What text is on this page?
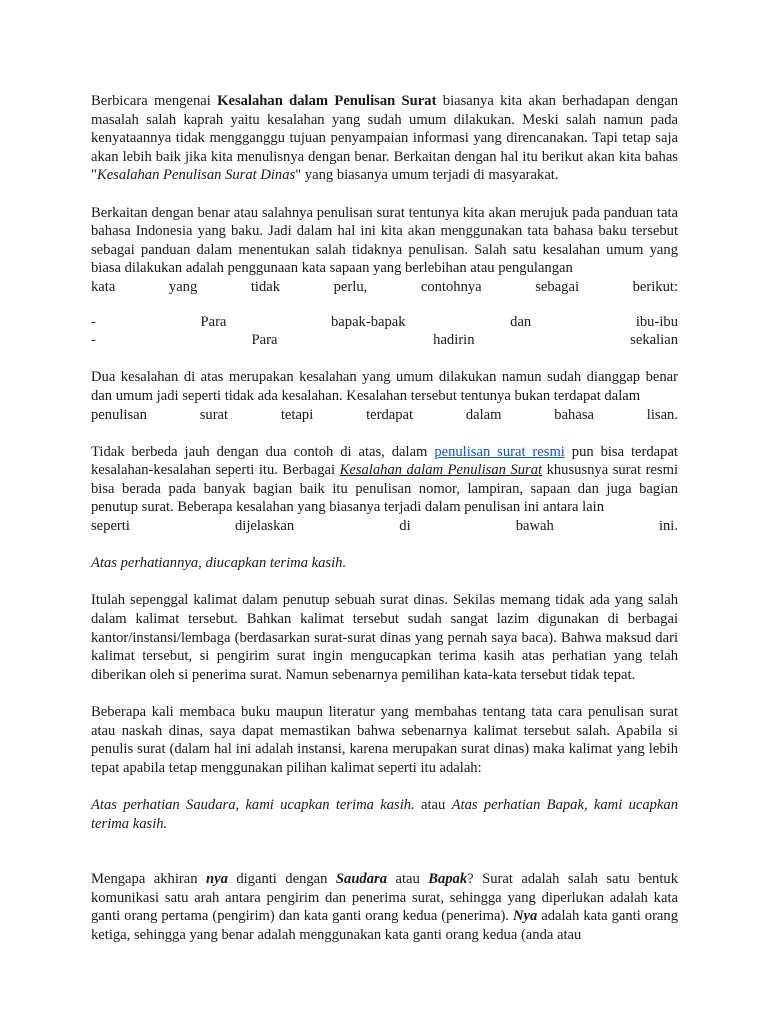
Berbicara mengenai Kesalahan dalam Penulisan Surat biasanya kita akan berhadapan dengan masalah salah kaprah yaitu kesalahan yang sudah umum dilakukan. Meski salah namun pada kenyataannya tidak mengganggu tujuan penyampaian informasi yang direncanakan. Tapi tetap saja akan lebih baik jika kita menulisnya dengan benar. Berkaitan dengan hal itu berikut akan kita bahas "Kesalahan Penulisan Surat Dinas" yang biasanya umum terjadi di masyarakat.

Berkaitan dengan benar atau salahnya penulisan surat tentunya kita akan merujuk pada panduan tata bahasa Indonesia yang baku. Jadi dalam hal ini kita akan menggunakan tata bahasa baku tersebut sebagai panduan dalam menentukan salah tidaknya penulisan. Salah satu kesalahan umum yang biasa dilakukan adalah penggunaan kata sapaan yang berlebihan atau pengulangan

kata yang tidak perlu, contohnya sebagai berikut:

-	Para	bapak-bapak	dan	ibu-ibu
-	Para	hadirin	sekalian

Dua kesalahan di atas merupakan kesalahan yang umum dilakukan namun sudah dianggap benar dan umum jadi seperti tidak ada kesalahan. Kesalahan tersebut tentunya bukan terdapat dalam

penulisan surat tetapi terdapat dalam bahasa lisan.

Tidak berbeda jauh dengan dua contoh di atas, dalam penulisan surat resmi pun bisa terdapat kesalahan-kesalahan seperti itu. Berbagai Kesalahan dalam Penulisan Surat khususnya surat resmi bisa berada pada banyak bagian baik itu penulisan nomor, lampiran, sapaan dan juga bagian penutup surat. Beberapa kesalahan yang biasanya terjadi dalam penulisan ini antara lain

seperti dijelaskan di bawah ini.

Atas perhatiannya, diucapkan terima kasih.

Itulah sepenggal kalimat dalam penutup sebuah surat dinas. Sekilas memang tidak ada yang salah dalam kalimat tersebut. Bahkan kalimat tersebut sudah sangat lazim digunakan di berbagai kantor/instansi/lembaga (berdasarkan surat-surat dinas yang pernah saya baca). Bahwa maksud dari kalimat tersebut, si pengirim surat ingin mengucapkan terima kasih atas perhatian yang telah diberikan oleh si penerima surat. Namun sebenarnya pemilihan kata-kata tersebut tidak tepat.

Beberapa kali membaca buku maupun literatur yang membahas tentang tata cara penulisan surat atau naskah dinas, saya dapat memastikan bahwa sebenarnya kalimat tersebut salah. Apabila si penulis surat (dalam hal ini adalah instansi, karena merupakan surat dinas) maka kalimat yang lebih tepat apabila tetap menggunakan pilihan kalimat seperti itu adalah:

Atas perhatian Saudara, kami ucapkan terima kasih. atau Atas perhatian Bapak, kami ucapkan terima kasih.

Mengapa akhiran nya diganti dengan Saudara atau Bapak? Surat adalah salah satu bentuk komunikasi satu arah antara pengirim dan penerima surat, sehingga yang diperlukan adalah kata ganti orang pertama (pengirim) dan kata ganti orang kedua (penerima). Nya adalah kata ganti orang ketiga, sehingga yang benar adalah menggunakan kata ganti orang kedua (anda atau
